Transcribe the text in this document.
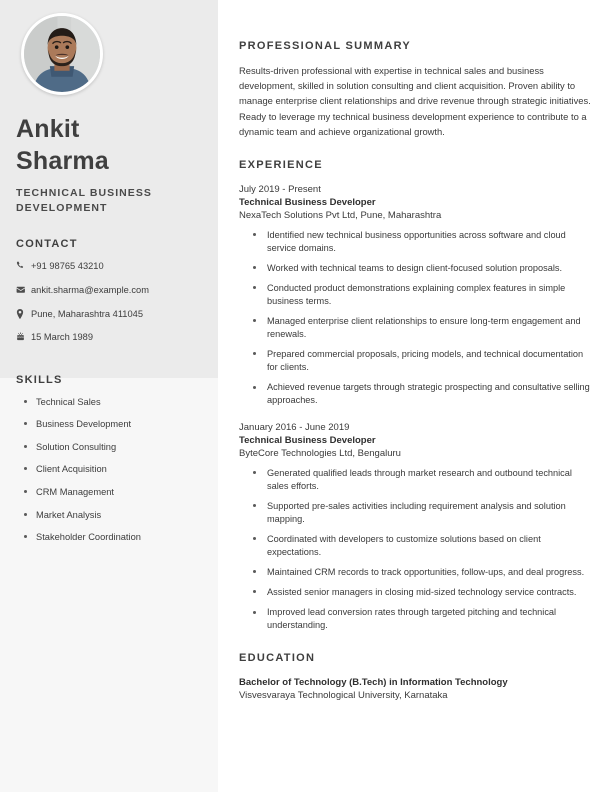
Ankit
Sharma
TECHNICAL BUSINESS DEVELOPMENT
CONTACT
+91 98765 43210
ankit.sharma@example.com
Pune, Maharashtra 411045
15 March 1989
SKILLS
Technical Sales
Business Development
Solution Consulting
Client Acquisition
CRM Management
Market Analysis
Stakeholder Coordination
PROFESSIONAL SUMMARY

Results-driven professional with expertise in technical sales and business development, skilled in solution consulting and client acquisition. Proven ability to manage enterprise client relationships and drive revenue through strategic initiatives. Ready to leverage my technical business development experience to contribute to a dynamic team and achieve organizational growth.

EXPERIENCE
July 2019 - Present
Technical Business Developer
NexaTech Solutions Pvt Ltd, Pune, Maharashtra
Identified new technical business opportunities across software and cloud service domains.
Worked with technical teams to design client-focused solution proposals.
Conducted product demonstrations explaining complex features in simple business terms.
Managed enterprise client relationships to ensure long-term engagement and renewals.
Prepared commercial proposals, pricing models, and technical documentation for clients.
Achieved revenue targets through strategic prospecting and consultative selling approaches.
January 2016 - June 2019
Technical Business Developer
ByteCore Technologies Ltd, Bengaluru
Generated qualified leads through market research and outbound technical sales efforts.
Supported pre-sales activities including requirement analysis and solution mapping.
Coordinated with developers to customize solutions based on client expectations.
Maintained CRM records to track opportunities, follow-ups, and deal progress.
Assisted senior managers in closing mid-sized technology service contracts.
Improved lead conversion rates through targeted pitching and technical understanding.
EDUCATION
Bachelor of Technology (B.Tech) in Information Technology
Visvesvaraya Technological University, Karnataka
